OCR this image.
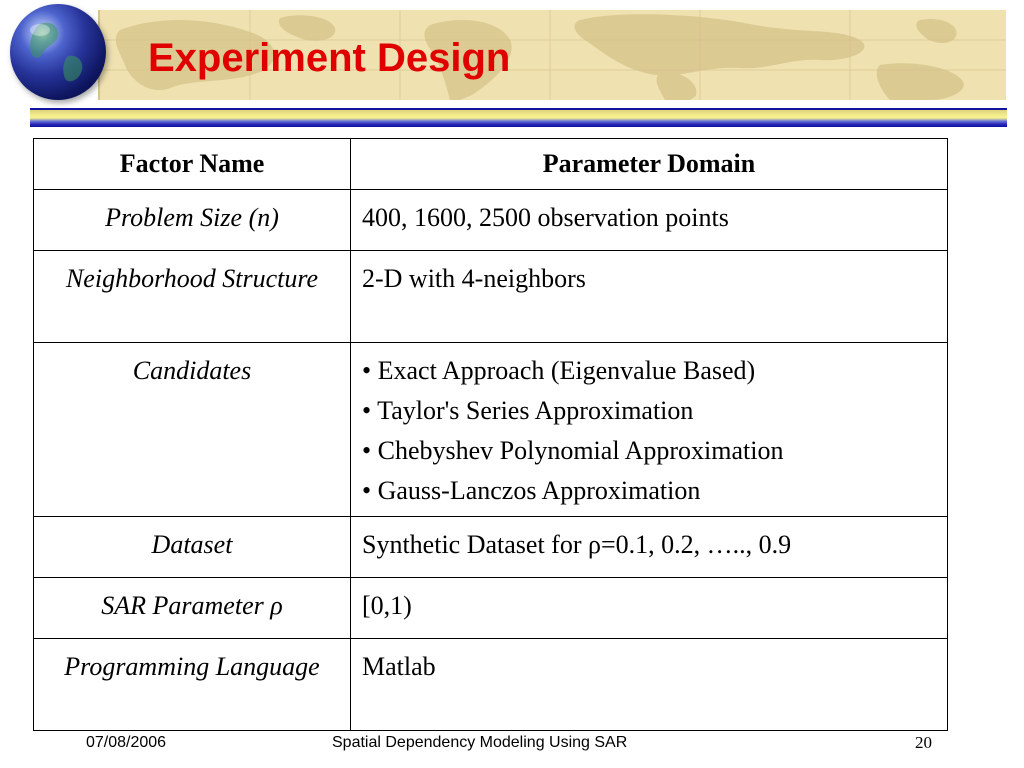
Experiment Design
Factor Name	Parameter Domain
Problem Size (n)	400, 1600, 2500 observation points

Neighborhood Structure	2-D with 4-neighbors

Candidates	• Exact Approach (Eigenvalue Based)
• Taylor's Series Approximation
• Chebyshev Polynomial Approximation
• Gauss-Lanczos Approximation

Dataset	Synthetic Dataset for ρ=0.1, 0.2, ….., 0.9

SAR Parameter ρ	[0,1)

Programming Language	Matlab
07/08/2006	Spatial Dependency Modeling Using SAR	20
